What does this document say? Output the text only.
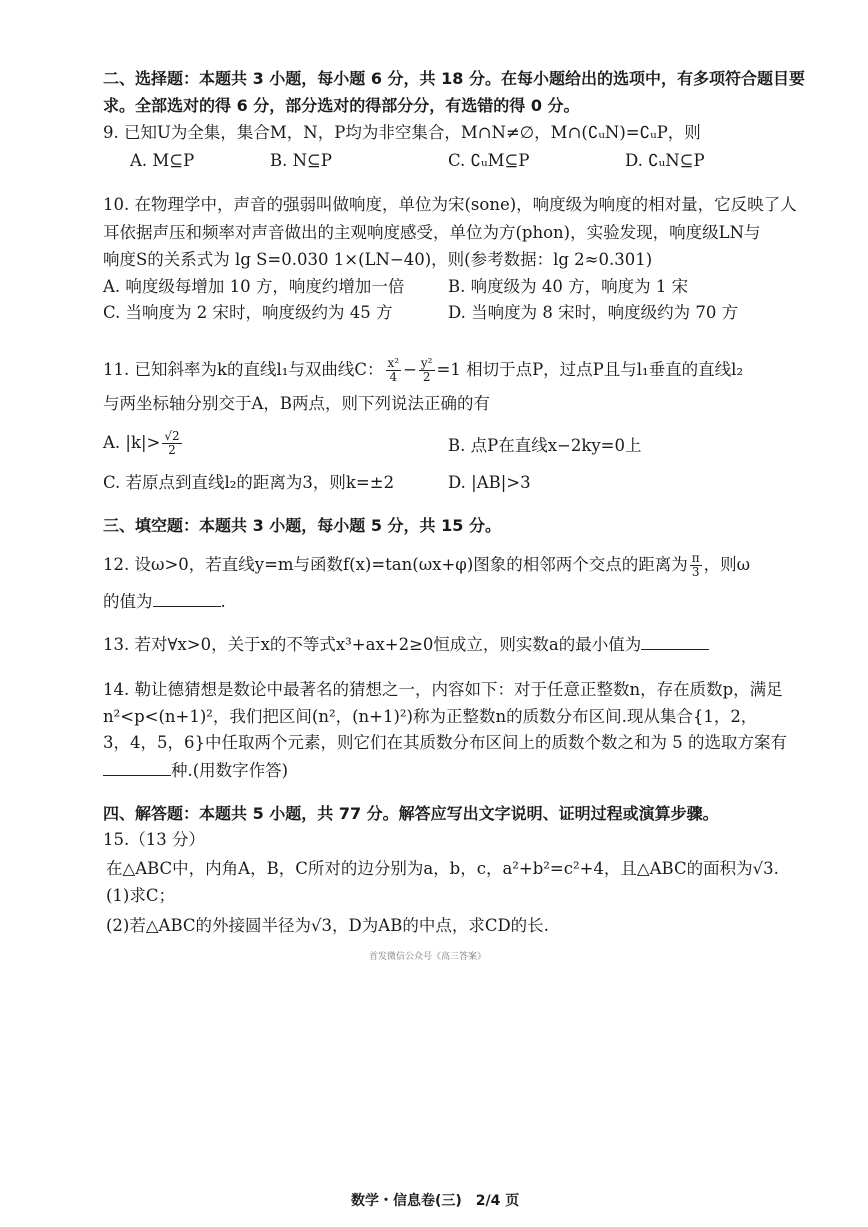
二、选择题：本题共 3 小题，每小题 6 分，共 18 分。在每小题给出的选项中，有多项符合题目要
求。全部选对的得 6 分，部分选对的得部分分，有选错的得 0 分。
9. 已知U为全集，集合M，N，P均为非空集合，M∩N≠∅，M∩(∁ᵤN)=∁ᵤP，则
A. M⊆P	B. N⊆P	C. ∁ᵤM⊆P	D. ∁ᵤN⊆P
10. 在物理学中，声音的强弱叫做响度，单位为宋(sone)，响度级为响度的相对量，它反映了人
耳依据声压和频率对声音做出的主观响度感受，单位为方(phon)，实验发现，响度级LN与
响度S的关系式为 lg S=0.030 1×(LN−40)，则(参考数据：lg 2≈0.301)
A. 响度级每增加 10 方，响度约增加一倍	B. 响度级为 40 方，响度为 1 宋
C. 当响度为 2 宋时，响度级约为 45 方	D. 当响度为 8 宋时，响度级约为 70 方
11. 已知斜率为k的直线l₁与双曲线C： $\frac{\text{x²}}{4} - \frac{\text{y²}}{2} =1$ 相切于点P，过点P且与l₁垂直的直线l₂
与两坐标轴分别交于A，B两点，则下列说法正确的有
A. $|k|> \frac{√2}{2}$	B. 点P在直线x−2ky=0上
C. 若原点到直线l₂的距离为3，则k=±2	D. |AB|>3
三、填空题：本题共 3 小题，每小题 5 分，共 15 分。
12. 设ω>0，若直线y=m与函数f(x)=tan(ωx+φ)图象的相邻两个交点的距离为 $\frac{\pi}{3}$ ，则ω
的值为	.
13. 若对∀x>0，关于x的不等式x³+ax+2≥0恒成立，则实数a的最小值为
14. 勒让德猜想是数论中最著名的猜想之一，内容如下：对于任意正整数n，存在质数p，满足
n²<p<(n+1)²，我们把区间(n²，(n+1)²)称为正整数n的质数分布区间.现从集合{1，2，
3，4，5，6}中任取两个元素，则它们在其质数分布区间上的质数个数之和为 5 的选取方案有
种.(用数字作答)
四、解答题：本题共 5 小题，共 77 分。解答应写出文字说明、证明过程或演算步骤。
15.（13 分）
在△ABC中，内角A，B，C所对的边分别为a，b，c，a²+b²=c²+4，且△ABC的面积为√3.
(1)求C；
(2)若△ABC的外接圆半径为√3，D为AB的中点，求CD的长.
首发微信公众号《高三答案》
数学・信息卷(三)　2/4 页
